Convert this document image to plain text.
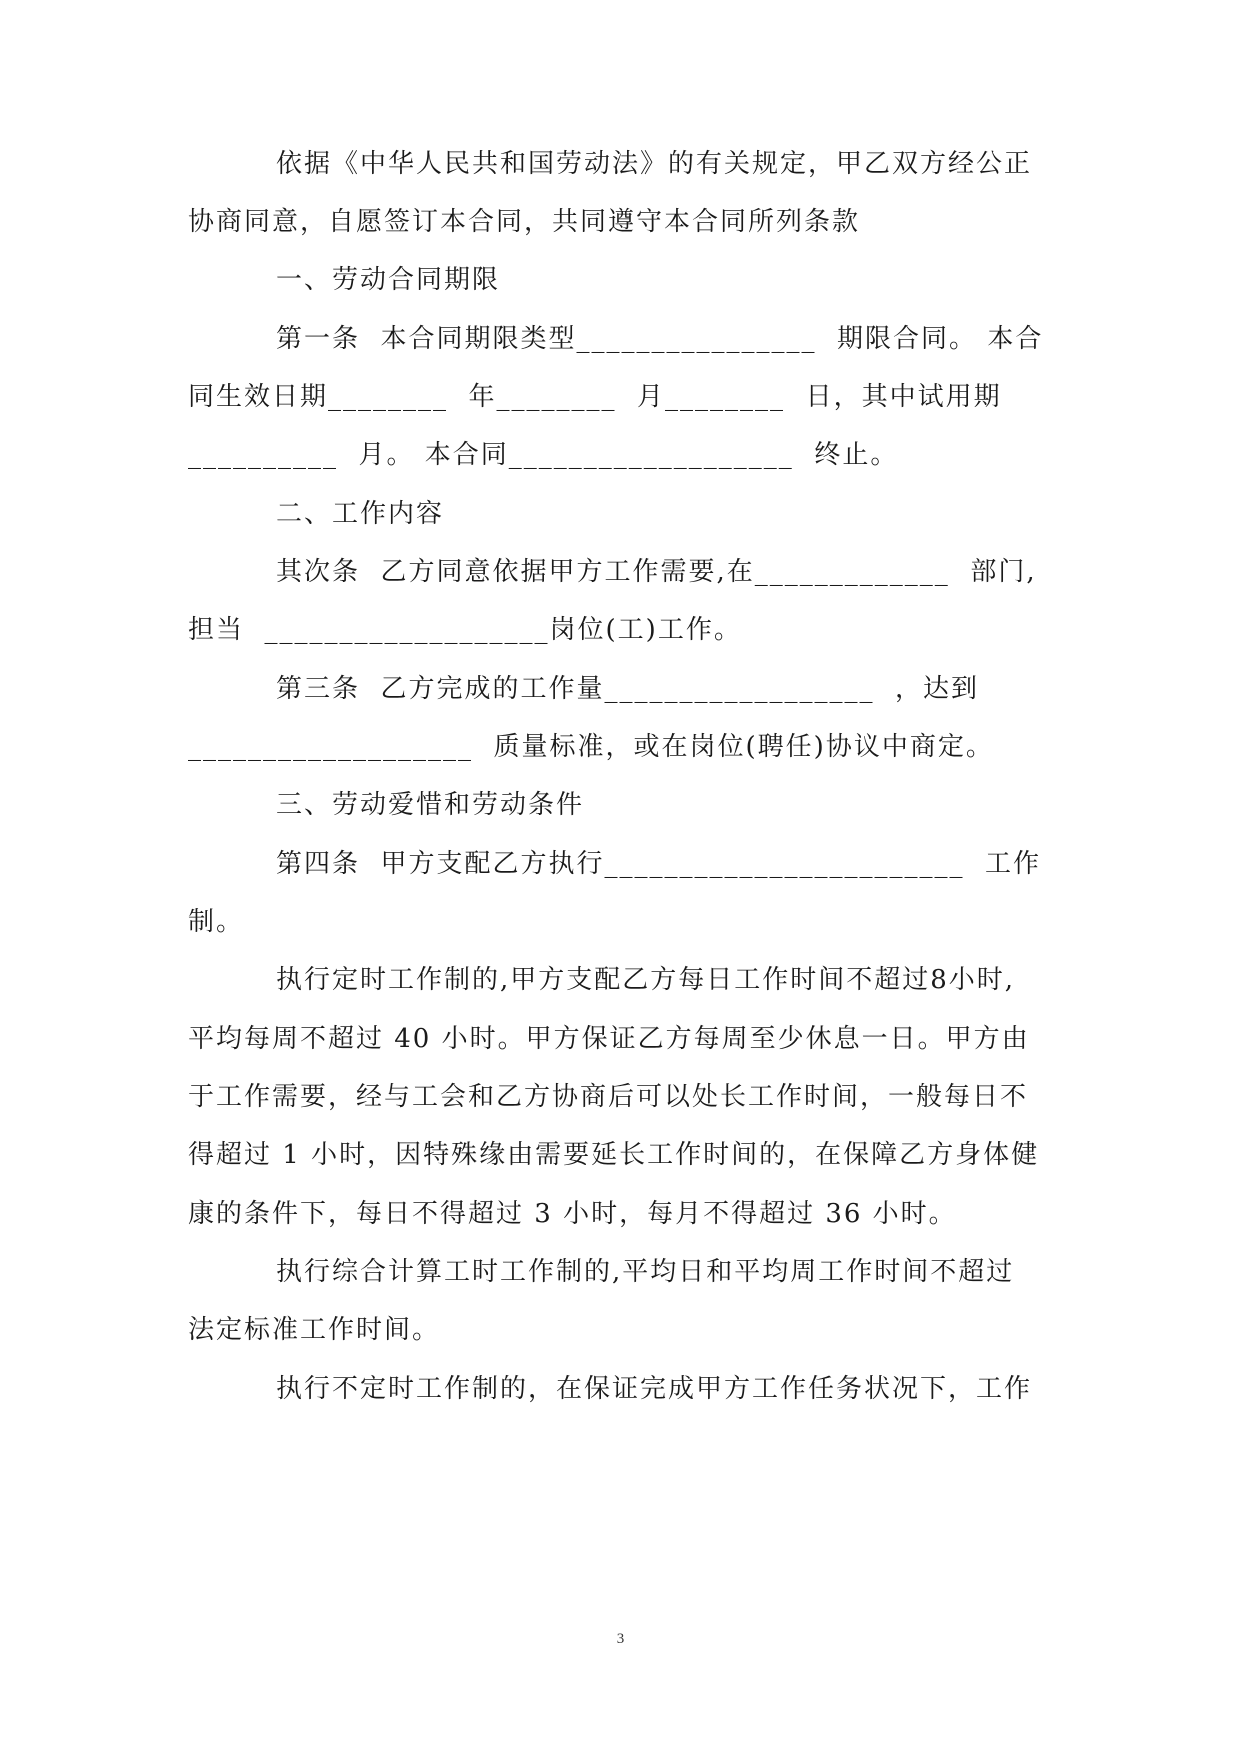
依据《中华人民共和国劳动法》的有关规定，甲乙双方经公正
协商同意，自愿签订本合同，共同遵守本合同所列条款
一、劳动合同期限
第一条  本合同期限类型________________  期限合同。 本合
同生效日期________  年________  月________  日，其中试用期
__________  月。 本合同___________________  终止。
二、工作内容
其次条  乙方同意依据甲方工作需要,在_____________  部门,
担当  ___________________岗位(工)工作。
第三条  乙方完成的工作量__________________  ，达到
___________________  质量标准，或在岗位(聘任)协议中商定。
三、劳动爱惜和劳动条件
第四条  甲方支配乙方执行________________________  工作
制。
执行定时工作制的,甲方支配乙方每日工作时间不超过8小时,
平均每周不超过 40 小时。甲方保证乙方每周至少休息一日。甲方由
于工作需要，经与工会和乙方协商后可以处长工作时间，一般每日不
得超过 1 小时，因特殊缘由需要延长工作时间的，在保障乙方身体健
康的条件下，每日不得超过 3 小时，每月不得超过 36 小时。
执行综合计算工时工作制的,平均日和平均周工作时间不超过
法定标准工作时间。
执行不定时工作制的，在保证完成甲方工作任务状况下，工作
3
